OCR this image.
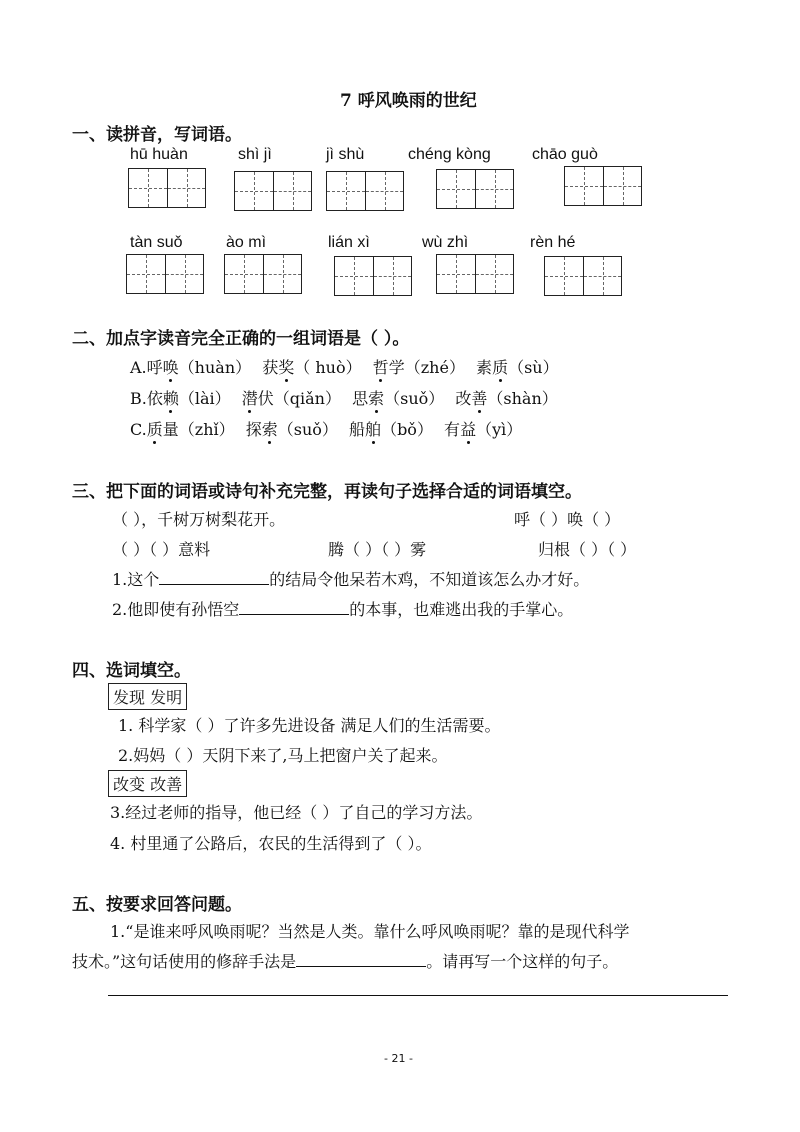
7 呼风唤雨的世纪
一、读拼音，写词语。
hū huàn	shì jì	jì shù	chéng kòng	chāo guò
tàn suǒ	ào mì	lián xì	wù zhì	rèn hé
二、加点字读音完全正确的一组词语是（ ）。
A.呼唤（huàn） 获奖（ huò） 哲学（zhé） 素质（sù）
B.依赖（lài） 潜伏（qiǎn） 思索（suǒ） 改善（shàn）
C.质量（zhǐ） 探索（suǒ） 船舶（bǒ） 有益（yì）
三、把下面的词语或诗句补充完整，再读句子选择合适的词语填空。
（ ），千树万树梨花开。	呼（ ）唤（ ）
（ ）（ ）意料	腾（ ）（ ）雾	归根（ ）（ ）
1.这个	的结局令他呆若木鸡，不知道该怎么办才好。
2.他即使有孙悟空	的本事，也难逃出我的手掌心。
四、选词填空。
发现 发明
1. 科学家（ ）了许多先进设备 满足人们的生活需要。
2.妈妈（ ）天阴下来了,马上把窗户关了起来。
改变 改善
3.经过老师的指导，他已经（ ）了自己的学习方法。
4. 村里通了公路后，农民的生活得到了（ ）。
五、按要求回答问题。
1.“是谁来呼风唤雨呢？当然是人类。靠什么呼风唤雨呢？靠的是现代科学
技术。”这句话使用的修辞手法是	。请再写一个这样的句子。
- 21 -
